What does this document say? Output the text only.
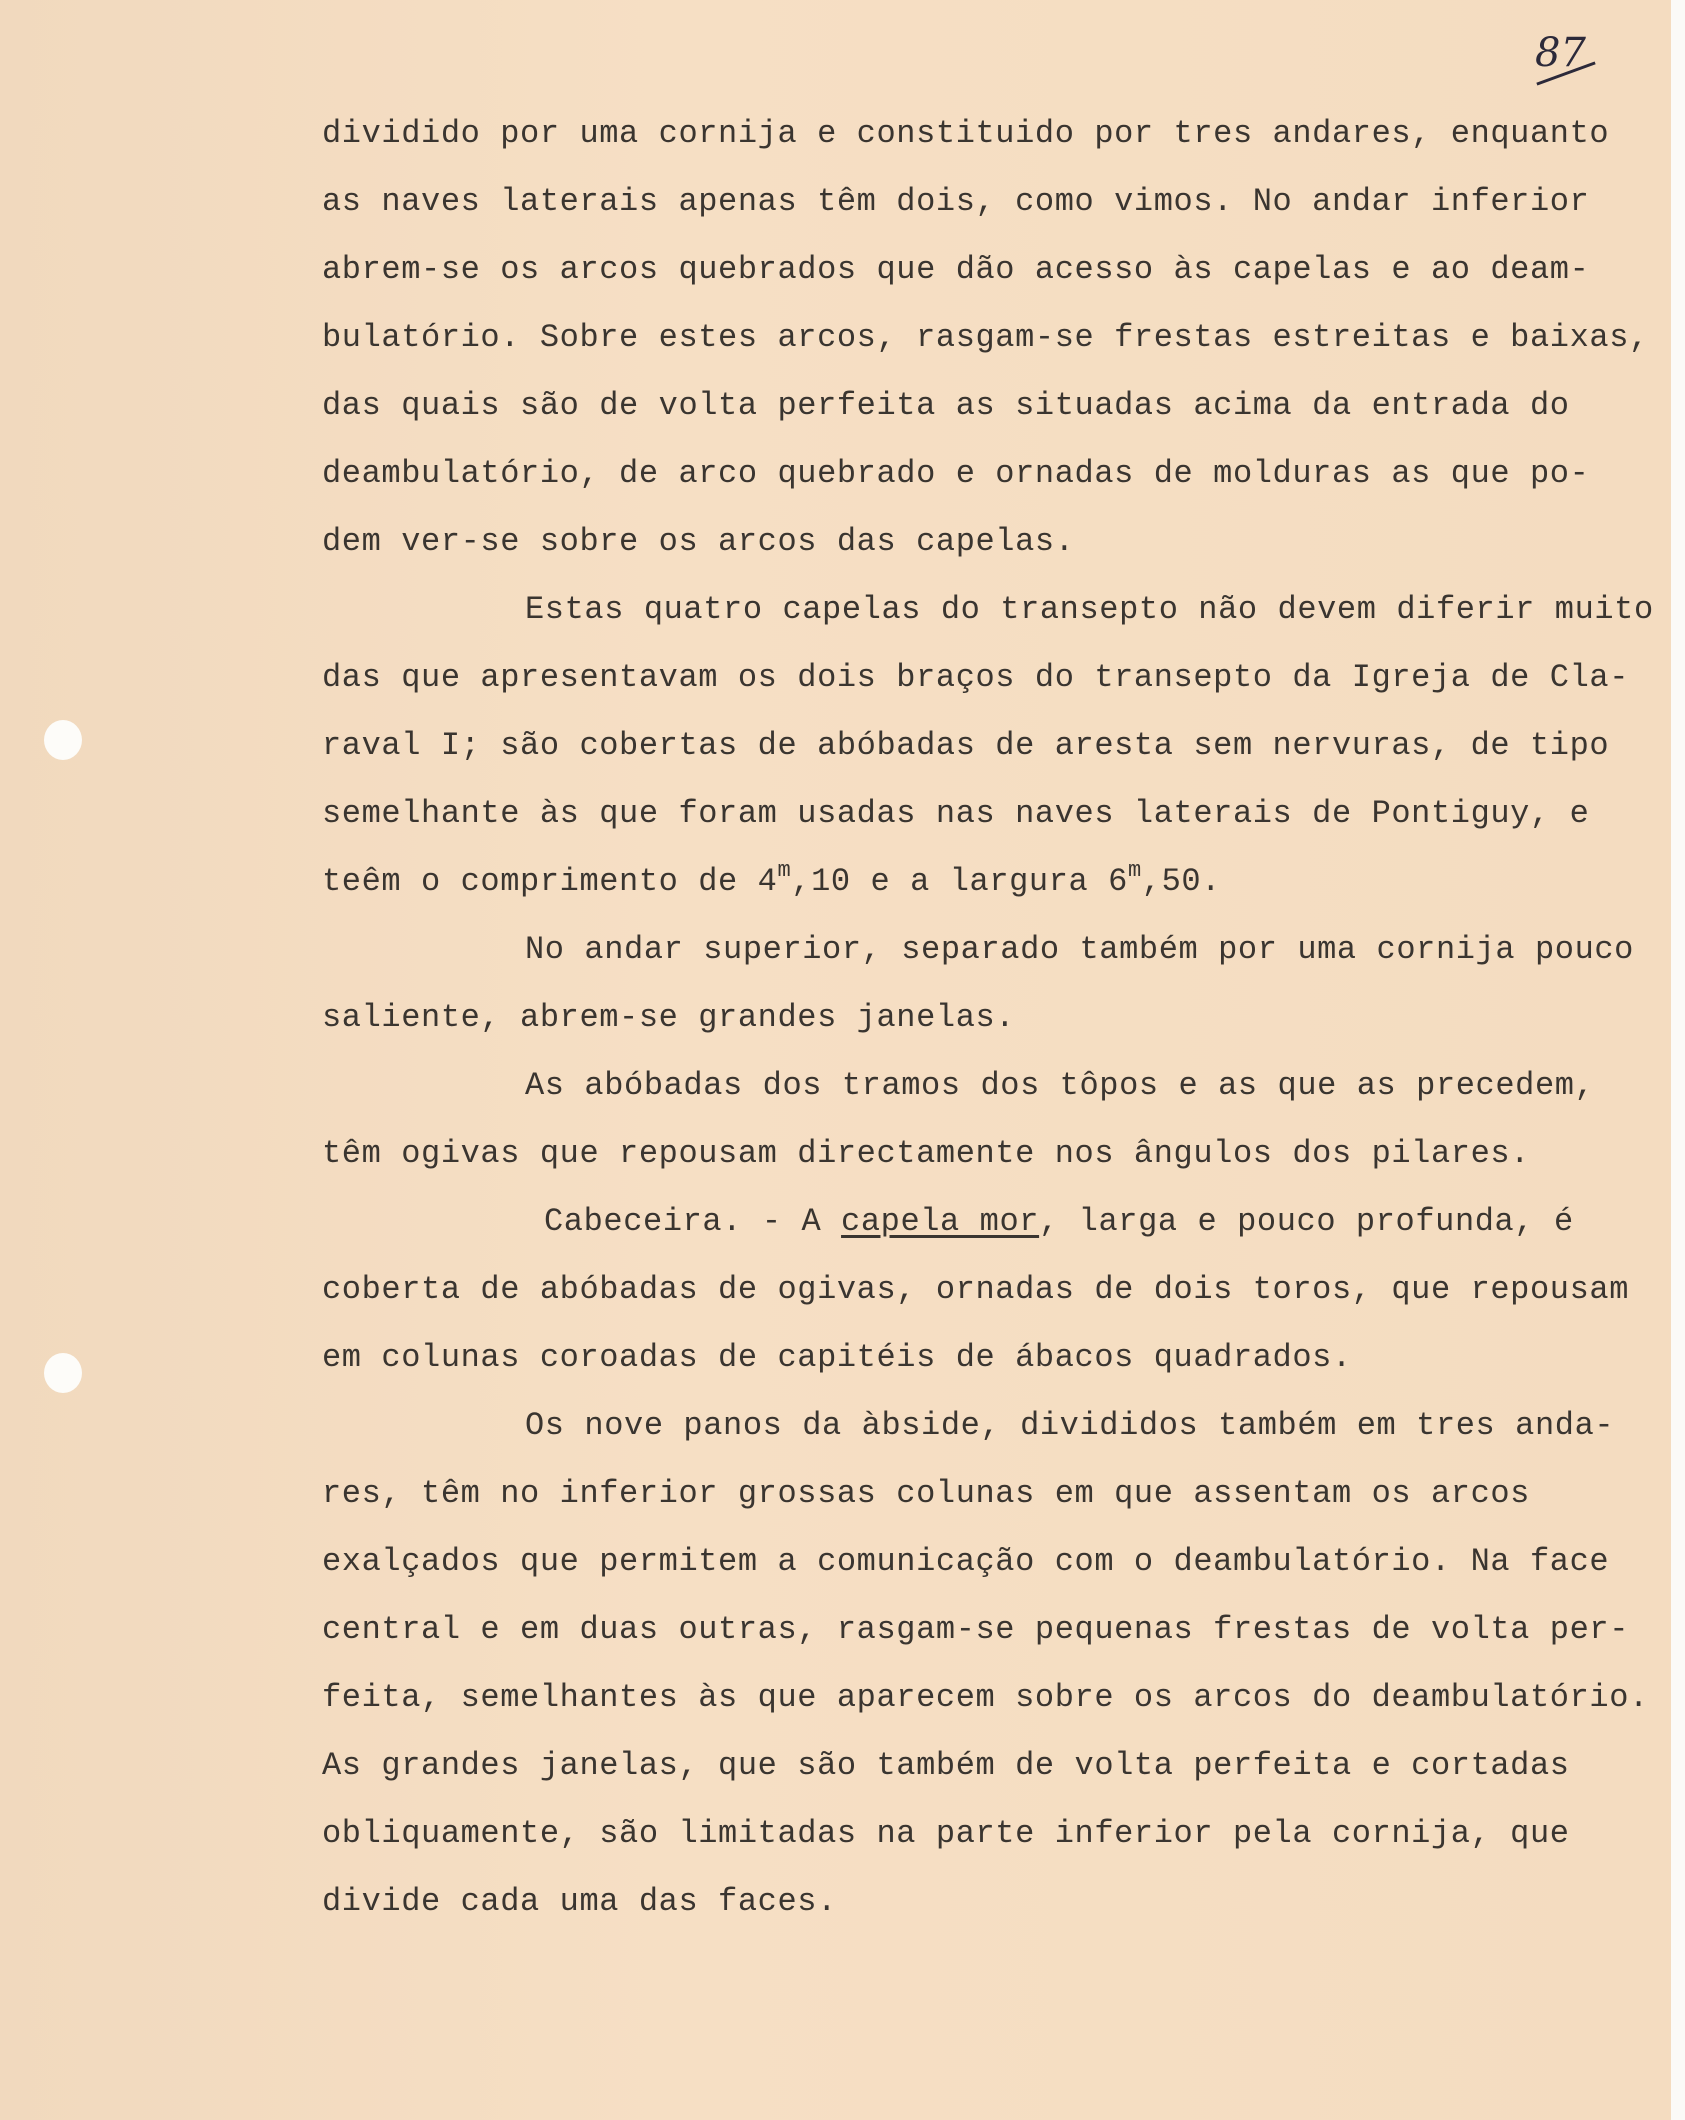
87
dividido por uma cornija e constituido por tres andares, enquanto
as naves laterais apenas têm dois, como vimos. No andar inferior
abrem-se os arcos quebrados que dão acesso às capelas e ao deam-
bulatório. Sobre estes arcos, rasgam-se frestas estreitas e baixas,
das quais são de volta perfeita as situadas acima da entrada do
deambulatório, de arco quebrado e ornadas de molduras as que po-
dem ver-se sobre os arcos das capelas.
Estas quatro capelas do transepto não devem diferir muito
das que apresentavam os dois braços do transepto da Igreja de Cla-
raval I; são cobertas de abóbadas de aresta sem nervuras, de tipo
semelhante às que foram usadas nas naves laterais de Pontiguy, e
teêm o comprimento de 4$^m$,10 e a largura 6$^m$,50.
No andar superior, separado também por uma cornija pouco
saliente, abrem-se grandes janelas.
As abóbadas dos tramos dos tôpos e as que as precedem,
têm ogivas que repousam directamente nos ângulos dos pilares.
Cabeceira. - A capela mor, larga e pouco profunda, é
coberta de abóbadas de ogivas, ornadas de dois toros, que repousam
em colunas coroadas de capitéis de ábacos quadrados.
Os nove panos da àbside, divididos também em tres anda-
res, têm no inferior grossas colunas em que assentam os arcos
exalçados que permitem a comunicação com o deambulatório. Na face
central e em duas outras, rasgam-se pequenas frestas de volta per-
feita, semelhantes às que aparecem sobre os arcos do deambulatório.
As grandes janelas, que são também de volta perfeita e cortadas
obliquamente, são limitadas na parte inferior pela cornija, que
divide cada uma das faces.
